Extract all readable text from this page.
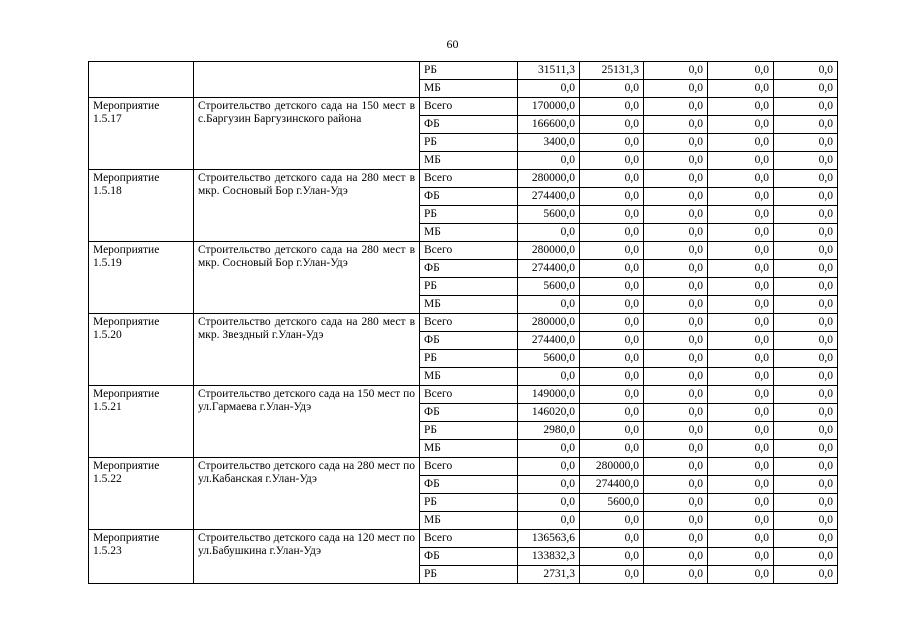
60
		РБ	31511,3	25131,3	0,0	0,0	0,0
		МБ	0,0	0,0	0,0	0,0	0,0
Мероприятие 1.5.17	Строительство детского сада на 150 мест в с.Баргузин Баргузинского района	Всего	170000,0	0,0	0,0	0,0	0,0
		ФБ	166600,0	0,0	0,0	0,0	0,0
		РБ	3400,0	0,0	0,0	0,0	0,0
		МБ	0,0	0,0	0,0	0,0	0,0
Мероприятие 1.5.18	Строительство детского сада на 280 мест в мкр. Сосновый Бор г.Улан-Удэ	Всего	280000,0	0,0	0,0	0,0	0,0
		ФБ	274400,0	0,0	0,0	0,0	0,0
		РБ	5600,0	0,0	0,0	0,0	0,0
		МБ	0,0	0,0	0,0	0,0	0,0
Мероприятие 1.5.19	Строительство детского сада на 280 мест в мкр. Сосновый Бор г.Улан-Удэ	Всего	280000,0	0,0	0,0	0,0	0,0
		ФБ	274400,0	0,0	0,0	0,0	0,0
		РБ	5600,0	0,0	0,0	0,0	0,0
		МБ	0,0	0,0	0,0	0,0	0,0
Мероприятие 1.5.20	Строительство детского сада на 280 мест в мкр. Звездный г.Улан-Удэ	Всего	280000,0	0,0	0,0	0,0	0,0
		ФБ	274400,0	0,0	0,0	0,0	0,0
		РБ	5600,0	0,0	0,0	0,0	0,0
		МБ	0,0	0,0	0,0	0,0	0,0
Мероприятие 1.5.21	Строительство детского сада на 150 мест по ул.Гармаева г.Улан-Удэ	Всего	149000,0	0,0	0,0	0,0	0,0
		ФБ	146020,0	0,0	0,0	0,0	0,0
		РБ	2980,0	0,0	0,0	0,0	0,0
		МБ	0,0	0,0	0,0	0,0	0,0
Мероприятие 1.5.22	Строительство детского сада на 280 мест по ул.Кабанская г.Улан-Удэ	Всего	0,0	280000,0	0,0	0,0	0,0
		ФБ	0,0	274400,0	0,0	0,0	0,0
		РБ	0,0	5600,0	0,0	0,0	0,0
		МБ	0,0	0,0	0,0	0,0	0,0
Мероприятие 1.5.23	Строительство детского сада на 120 мест по ул.Бабушкина г.Улан-Удэ	Всего	136563,6	0,0	0,0	0,0	0,0
		ФБ	133832,3	0,0	0,0	0,0	0,0
		РБ	2731,3	0,0	0,0	0,0	0,0
